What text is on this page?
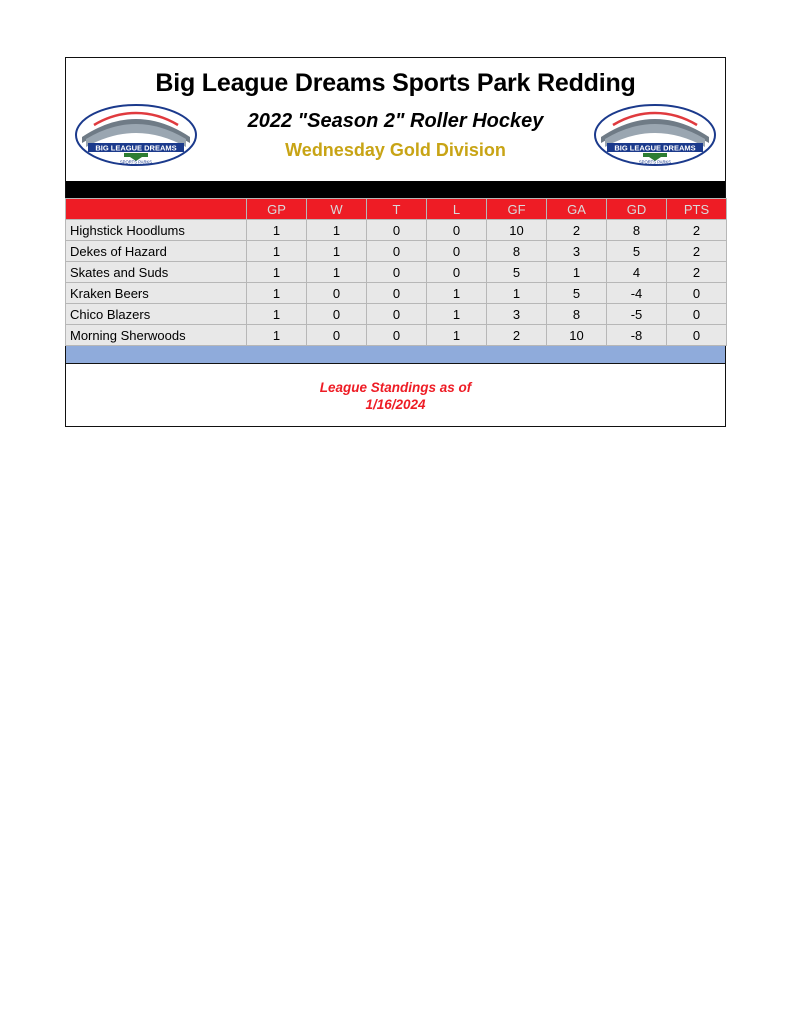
BIG LEAGUE DREAMS
SPORTS PARKS
BIG LEAGUE DREAMS
SPORTS PARKS
Big League Dreams Sports Park Redding
2022 "Season 2" Roller Hockey
Wednesday Gold Division
	GP	W	T	L	GF	GA	GD	PTS
Highstick Hoodlums	1	1	0	0	10	2	8	2
Dekes of Hazard	1	1	0	0	8	3	5	2
Skates and Suds	1	1	0	0	5	1	4	2
Kraken Beers	1	0	0	1	1	5	-4	0
Chico Blazers	1	0	0	1	3	8	-5	0
Morning Sherwoods	1	0	0	1	2	10	-8	0
League Standings as of
1/16/2024
